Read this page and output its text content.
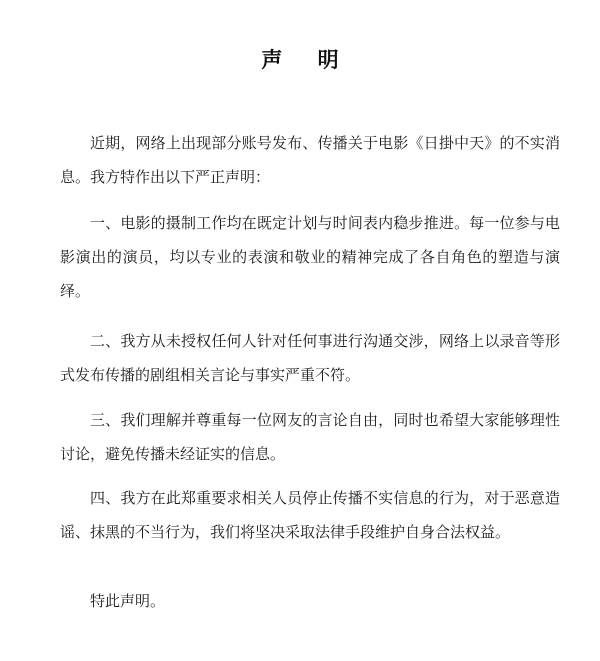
声 明

近期，网络上出现部分账号发布、传播关于电影《日掛中天》的不实消息。我方特作出以下严正声明：

一、电影的摄制工作均在既定计划与时间表内稳步推进。每一位参与电影演出的演员，均以专业的表演和敬业的精神完成了各自角色的塑造与演绎。

二、我方从未授权任何人针对任何事进行沟通交涉，网络上以录音等形式发布传播的剧组相关言论与事实严重不符。

三、我们理解并尊重每一位网友的言论自由，同时也希望大家能够理性讨论，避免传播未经证实的信息。

四、我方在此郑重要求相关人员停止传播不实信息的行为，对于恶意造谣、抹黑的不当行为，我们将坚决采取法律手段维护自身合法权益。

特此声明。
